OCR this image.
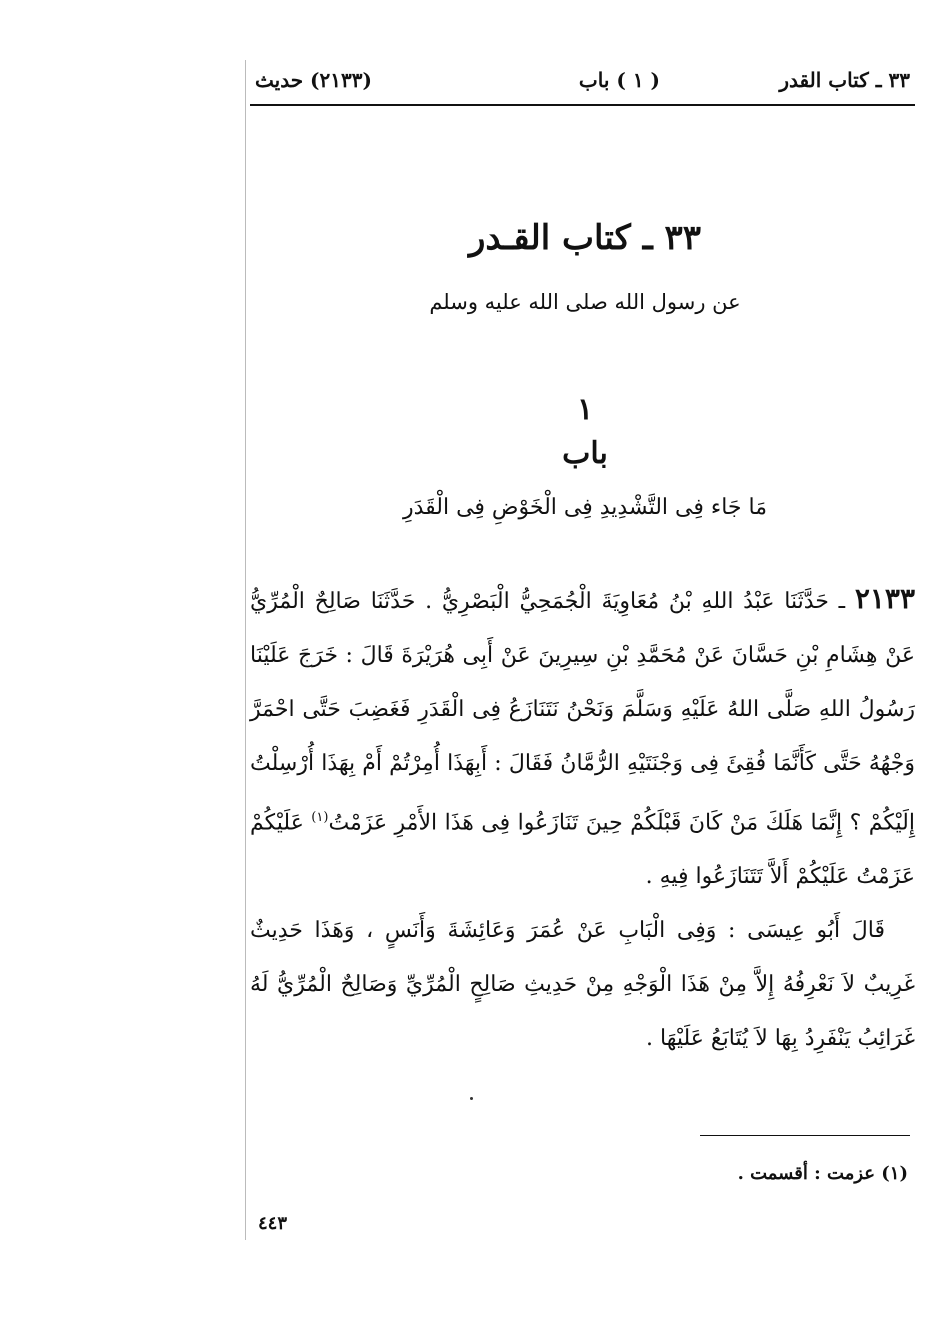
٣٣ ـ كتاب القدر
( ١ ) باب
(٢١٣٣) حديث
٣٣ ـ كتاب القـدر
عن رسول الله صلى الله عليه وسلم
١
باب
مَا جَاء فِى التَّشْدِيدِ فِى الْخَوْضِ فِى الْقَدَرِ

٢١٣٣ ـ حَدَّثَنَا عَبْدُ اللهِ بْنُ مُعَاوِيَةَ الْجُمَحِيُّ الْبَصْرِيُّ . حَدَّثَنَا صَالِحٌ الْمُرِّيُّ عَنْ هِشَامِ بْنِ حَسَّانَ عَنْ مُحَمَّدِ بْنِ سِيرِينَ عَنْ أَبِى هُرَيْرَةَ قَالَ : خَرَجَ عَلَيْنَا رَسُولُ اللهِ صَلَّى اللهُ عَلَيْهِ وَسَلَّمَ وَنَحْنُ نَتَنَازَعُ فِى الْقَدَرِ فَغَضِبَ حَتَّى احْمَرَّ وَجْهُهُ حَتَّى كَأَنَّمَا فُقِئَ فِى وَجْنَتَيْهِ الرُّمَّانُ فَقَالَ : أَبِهَذَا أُمِرْتُمْ أَمْ بِهَذَا أُرْسِلْتُ إِلَيْكُمْ ؟ إِنَّمَا هَلَكَ مَنْ كَانَ قَبْلَكُمْ حِينَ تَنَازَعُوا فِى هَذَا الأَمْرِ عَزَمْتُ$^{(١)}$ عَلَيْكُمْ عَزَمْتُ عَلَيْكُمْ أَلاَّ تَتَنَازَعُوا فِيهِ .

قَالَ أَبُو عِيسَى : وَفِى الْبَابِ عَنْ عُمَرَ وَعَائِشَةَ وَأَنَسٍ ، وَهَذَا حَدِيثٌ غَرِيبٌ لاَ نَعْرِفُهُ إِلاَّ مِنْ هَذَا الْوَجْهِ مِنْ حَدِيثِ صَالِحٍ الْمُرِّيِّ وَصَالِحٌ الْمُرِّيُّ لَهُ غَرَائِبُ يَنْفَرِدُ بِهَا لاَ يُتَابَعُ عَلَيْهَا .

(١) عزمت : أقسمت .
٤٤٣
